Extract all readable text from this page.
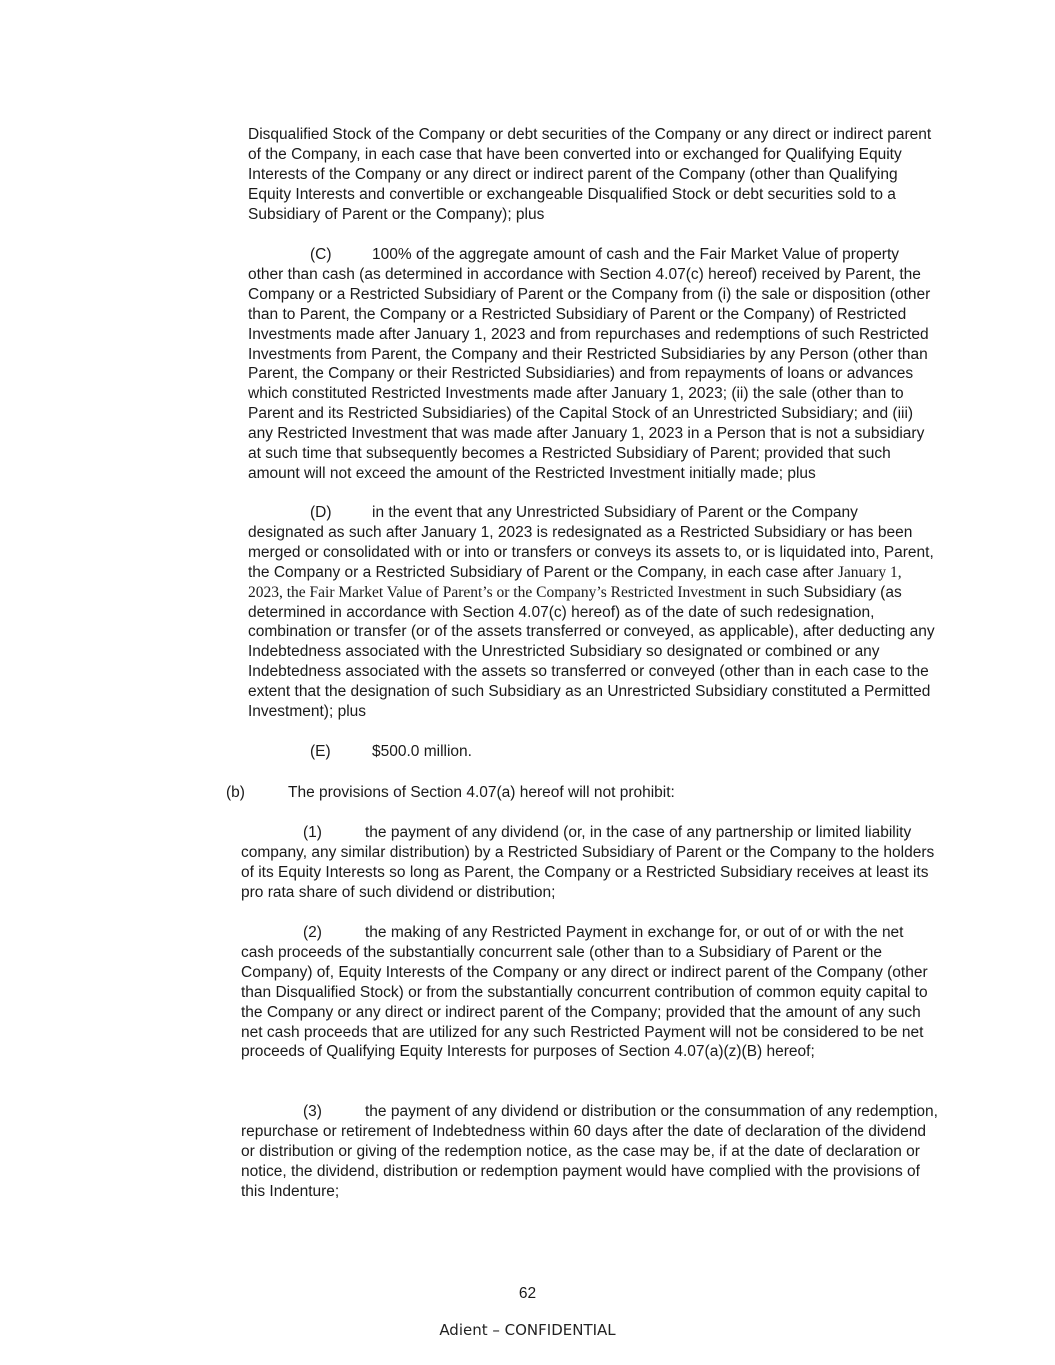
Disqualified Stock of the Company or debt securities of the Company or any direct or indirect parent of the Company, in each case that have been converted into or exchanged for Qualifying Equity Interests of the Company or any direct or indirect parent of the Company (other than Qualifying Equity Interests and convertible or exchangeable Disqualified Stock or debt securities sold to a Subsidiary of Parent or the Company); plus

(C)	100% of the aggregate amount of cash and the Fair Market Value of property other than cash (as determined in accordance with Section 4.07(c) hereof) received by Parent, the Company or a Restricted Subsidiary of Parent or the Company from (i) the sale or disposition (other than to Parent, the Company or a Restricted Subsidiary of Parent or the Company) of Restricted Investments made after January 1, 2023 and from repurchases and redemptions of such Restricted Investments from Parent, the Company and their Restricted Subsidiaries by any Person (other than Parent, the Company or their Restricted Subsidiaries) and from repayments of loans or advances which constituted Restricted Investments made after January 1, 2023; (ii) the sale (other than to Parent and its Restricted Subsidiaries) of the Capital Stock of an Unrestricted Subsidiary; and (iii) any Restricted Investment that was made after January 1, 2023 in a Person that is not a subsidiary at such time that subsequently becomes a Restricted Subsidiary of Parent; provided that such amount will not exceed the amount of the Restricted Investment initially made; plus

(D)	in the event that any Unrestricted Subsidiary of Parent or the Company designated as such after January 1, 2023 is redesignated as a Restricted Subsidiary or has been merged or consolidated with or into or transfers or conveys its assets to, or is liquidated into, Parent, the Company or a Restricted Subsidiary of Parent or the Company, in each case after January 1, 2023, the Fair Market Value of Parent’s or the Company’s Restricted Investment in such Subsidiary (as determined in accordance with Section 4.07(c) hereof) as of the date of such redesignation, combination or transfer (or of the assets transferred or conveyed, as applicable), after deducting any Indebtedness associated with the Unrestricted Subsidiary so designated or combined or any Indebtedness associated with the assets so transferred or conveyed (other than in each case to the extent that the designation of such Subsidiary as an Unrestricted Subsidiary constituted a Permitted Investment); plus

(E)	$500.0 million.

(b)	The provisions of Section 4.07(a) hereof will not prohibit:

(1)	the payment of any dividend (or, in the case of any partnership or limited liability company, any similar distribution) by a Restricted Subsidiary of Parent or the Company to the holders of its Equity Interests so long as Parent, the Company or a Restricted Subsidiary receives at least its pro rata share of such dividend or distribution;

(2)	the making of any Restricted Payment in exchange for, or out of or with the net cash proceeds of the substantially concurrent sale (other than to a Subsidiary of Parent or the Company) of, Equity Interests of the Company or any direct or indirect parent of the Company (other than Disqualified Stock) or from the substantially concurrent contribution of common equity capital to the Company or any direct or indirect parent of the Company; provided that the amount of any such net cash proceeds that are utilized for any such Restricted Payment will not be considered to be net proceeds of Qualifying Equity Interests for purposes of Section 4.07(a)(z)(B) hereof;

(3)	the payment of any dividend or distribution or the consummation of any redemption, repurchase or retirement of Indebtedness within 60 days after the date of declaration of the dividend or distribution or giving of the redemption notice, as the case may be, if at the date of declaration or notice, the dividend, distribution or redemption payment would have complied with the provisions of this Indenture;

62
Adient – CONFIDENTIAL
